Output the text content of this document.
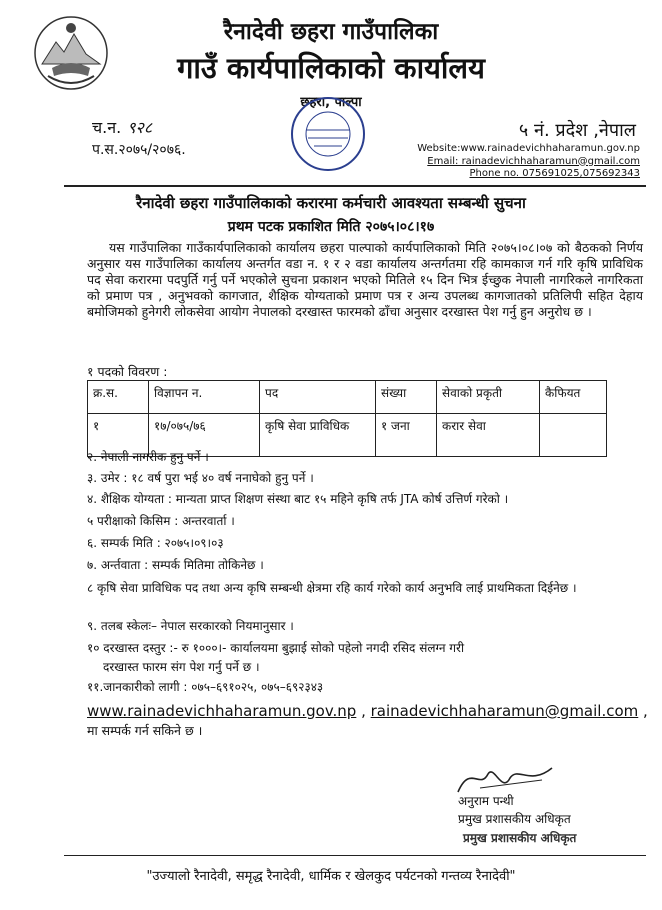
रैनादेवी छहरा गाउँपालिका
गाउँ कार्यपालिकाको कार्यालय
छहरा, पाल्पा
च.न. ९२८
प.स.२०७५/२०७६.
५ नं. प्रदेश ,नेपाल
Website:www.rainadevichhaharamun.gov.np
Email: rainadevichhaharamun@gmail.com
Phone no. 075691025,075692343
रैनादेवी छहरा गाउँपालिकाको करारमा कर्मचारी आवश्यता सम्बन्धी सुचना
प्रथम पटक प्रकाशित मिति २०७५।०८।१७
यस गाउँपालिका गाउँकार्यपालिकाको कार्यालय छहरा पाल्पाको कार्यपालिकाको मिति २०७५।०८।०७ को बैठकको निर्णय अनुसार यस गाउँपालिका कार्यालय अन्तर्गत वडा न. १ र २ वडा कार्यालय अन्तर्गतमा रहि कामकाज गर्न गरि कृषि प्राविधिक पद सेवा करारमा पदपुर्ति गर्नु पर्ने भएकोले सुचना प्रकाशन भएको मितिले १५ दिन भित्र ईच्छुक नेपाली नागरिकले नागरिकता को प्रमाण पत्र , अनुभवको कागजात, शैक्षिक योग्यताको प्रमाण पत्र र अन्य उपलब्ध कागजातको प्रतिलिपी सहित देहाय बमोजिमको हुनेगरी लोकसेवा आयोग नेपालको दरखास्त फारमको ढाँचा अनुसार दरखास्त पेश गर्नु हुन अनुरोध छ ।
१ पदको विवरण :
क्र.स.	विज्ञापन न.	पद	संख्या	सेवाको प्रकृती	कैफियत
१	१७/०७५/७६	कृषि सेवा प्राविधिक	१ जना	करार सेवा	
२. नेपाली नागरीक हुनु पर्ने ।
३. उमेर : १८ वर्ष पुरा भई ४० वर्ष ननाघेको हुनु पर्ने ।
४. शैक्षिक योग्यता : मान्यता प्राप्त शिक्षण संस्था बाट १५ महिने कृषि तर्फ JTA कोर्ष उत्तिर्ण गरेको ।
५ परीक्षाको किसिम : अन्तरवार्ता ।
६. सम्पर्क मिति : २०७५।०९।०३
७. अर्न्तवाता : सम्पर्क मितिमा तोकिनेछ ।
८ कृषि सेवा प्राविधिक पद तथा अन्य कृषि सम्बन्धी क्षेत्रमा रहि कार्य गरेको कार्य अनुभवि लाई प्राथमिकता दिईनेछ ।
९. तलब स्केलः– नेपाल सरकारको नियमानुसार ।
१० दरखास्त दस्तुर :- रु १०००।- कार्यालयमा बुझाई सोको पहेलो नगदी रसिद संलग्न गरी
दरखास्त फारम संग पेश गर्नु पर्ने छ ।
११.जानकारीको लागी : ०७५–६९१०२५, ०७५–६९२३४३
www.rainadevichhaharamun.gov.np , rainadevichhaharamun@gmail.com ,
मा सम्पर्क गर्न सकिने छ ।
अनुराम पन्थी
प्रमुख प्रशासकीय अधिकृत
प्रमुख प्रशासकीय अधिकृत
"उज्यालो रैनादेवी, समृद्ध रैनादेवी, धार्मिक र खेलकुद पर्यटनको गन्तव्य रैनादेवी"
